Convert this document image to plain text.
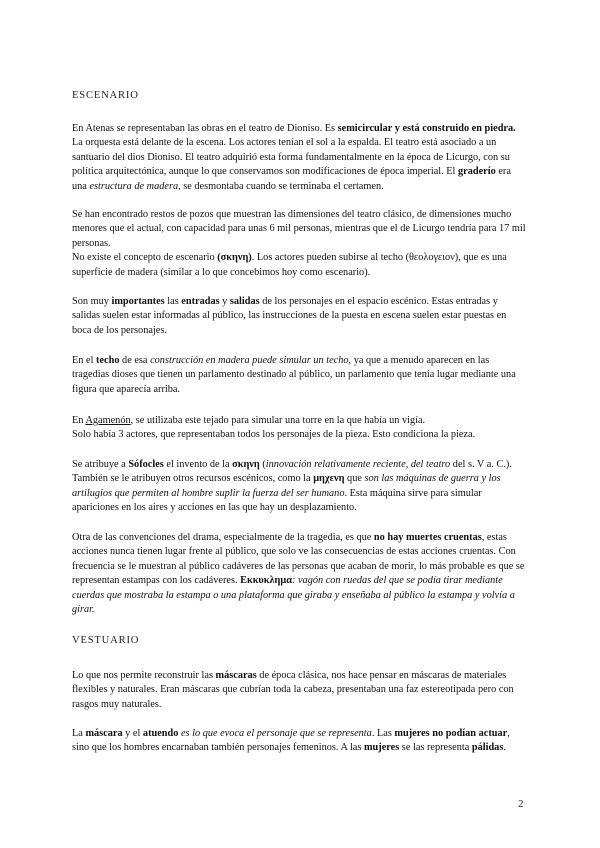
ESCENARIO

En Atenas se representaban las obras en el teatro de Dioniso. Es semicircular y está construido en piedra. La orquesta está delante de la escena. Los actores tenían el sol a la espalda. El teatro está asociado a un santuario del dios Dioniso. El teatro adquirió esta forma fundamentalmente en la época de Licurgo, con su política arquitectónica, aunque lo que conservamos son modificaciones de época imperial. El graderío era una estructura de madera, se desmontaba cuando se terminaba el certamen.

Se han encontrado restos de pozos que muestran las dimensiones del teatro clásico, de dimensiones mucho menores que el actual, con capacidad para unas 6 mil personas, mientras que el de Licurgo tendría para 17 mil personas.
No existe el concepto de escenario (σκηνη). Los actores pueden subirse al techo (θεολογειον), que es una superficie de madera (similar a lo que concebimos hoy como escenario).

Son muy importantes las entradas y salidas de los personajes en el espacio escénico. Estas entradas y salidas suelen estar informadas al público, las instrucciones de la puesta en escena suelen estar puestas en boca de los personajes.

En el techo de esa construcción en madera puede simular un techo, ya que a menudo aparecen en las tragedias dioses que tienen un parlamento destinado al público, un parlamento que tenía lugar mediante una figura que aparecía arriba.

En Agamenón, se utilizaba este tejado para simular una torre en la que había un vigía.
Solo había 3 actores, que representaban todos los personajes de la pieza. Esto condiciona la pieza.

Se atribuye a Sófocles el invento de la σκηνη (innovación relativamente reciente, del teatro del s. V a. C.). También se le atribuyen otros recursos escénicos, como la μηχενη que son las máquinas de guerra y los artilugios que permiten al hombre suplir la fuerza del ser humano. Esta máquina sirve para simular apariciones en los aires y acciones en las que hay un desplazamiento.

Otra de las convenciones del drama, especialmente de la tragedia, es que no hay muertes cruentas, estas acciones nunca tienen lugar frente al público, que solo ve las consecuencias de estas acciones cruentas. Con frecuencia se le muestran al público cadáveres de las personas que acaban de morir, lo más probable es que se representan estampas con los cadáveres. Εκκυκλημα: vagón con ruedas del que se podía tirar mediante cuerdas que mostraba la estampa o una plataforma que giraba y enseñaba al público la estampa y volvía a girar.

VESTUARIO

Lo que nos permite reconstruir las máscaras de época clásica, nos hace pensar en máscaras de materiales flexibles y naturales. Eran máscaras que cubrían toda la cabeza, presentaban una faz estereotipada pero con rasgos muy naturales.

La máscara y el atuendo es lo que evoca el personaje que se representa. Las mujeres no podían actuar, sino que los hombres encarnaban también personajes femeninos. A las mujeres se las representa pálidas.

2
